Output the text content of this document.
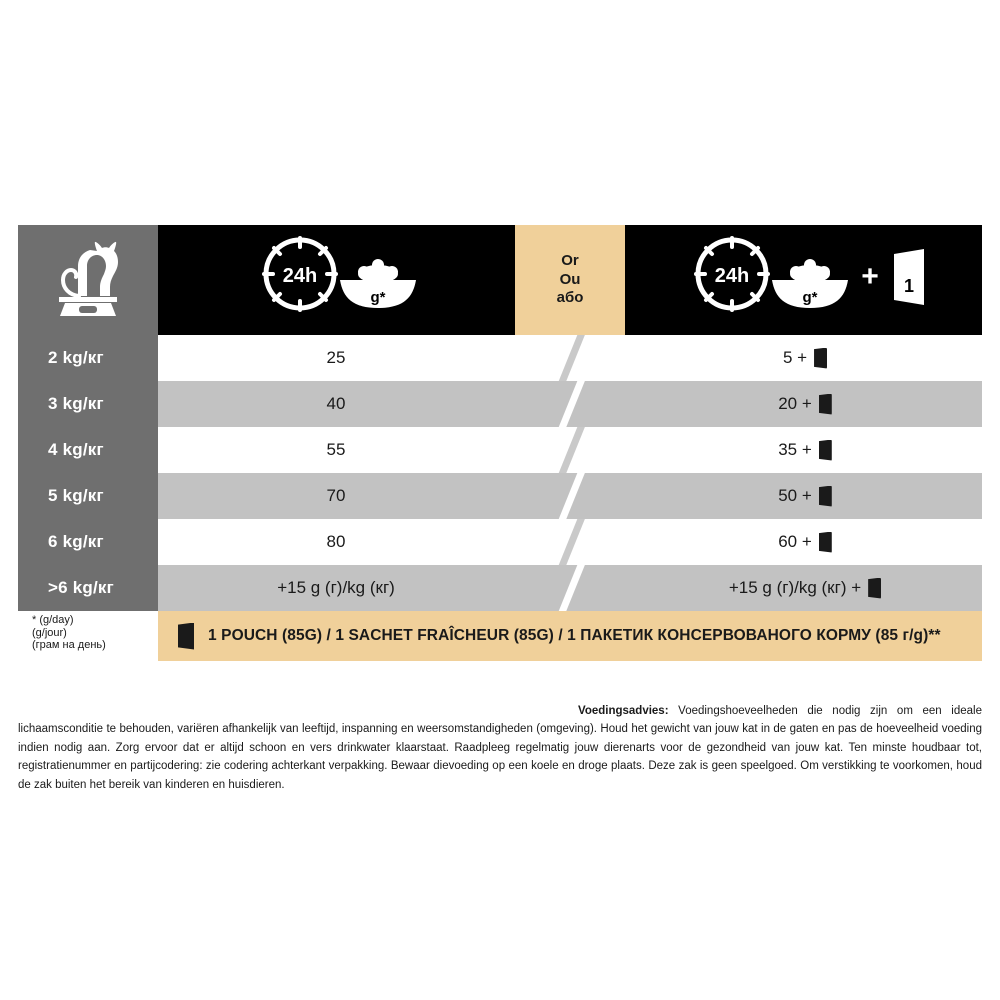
24h
g*
Or
Ou
або
24h
g*
+ 1
2 kg/кг	25	5 +
3 kg/кг	40	20 +
4 kg/кг	55	35 +
5 kg/кг	70	50 +
6 kg/кг	80	60 +
>6 kg/кг	+15 g (г)/kg (кг)	+15 g (г)/kg (кг) +
* (g/day)
(g/jour)
(грам на день)
1 POUCH (85G) / 1 SACHET FRAÎCHEUR (85G) / 1 ПАКЕТИК КОНСЕРВОВАНОГО КОРМУ (85 г/g)**

Voedingsadvies: Voedingshoeveelheden die nodig zijn om een ideale lichaamsconditie te behouden, variëren afhankelijk van leeftijd, inspanning en weersomstandigheden (omgeving). Houd het gewicht van jouw kat in de gaten en pas de hoeveelheid voeding indien nodig aan. Zorg ervoor dat er altijd schoon en vers drinkwater klaarstaat. Raadpleeg regelmatig jouw dierenarts voor de gezondheid van jouw kat. Ten minste houdbaar tot, registratienummer en partijcodering: zie codering achterkant verpakking. Bewaar dievoeding op een koele en droge plaats. Deze zak is geen speelgoed. Om verstikking te voorkomen, houd de zak buiten het bereik van kinderen en huisdieren.
